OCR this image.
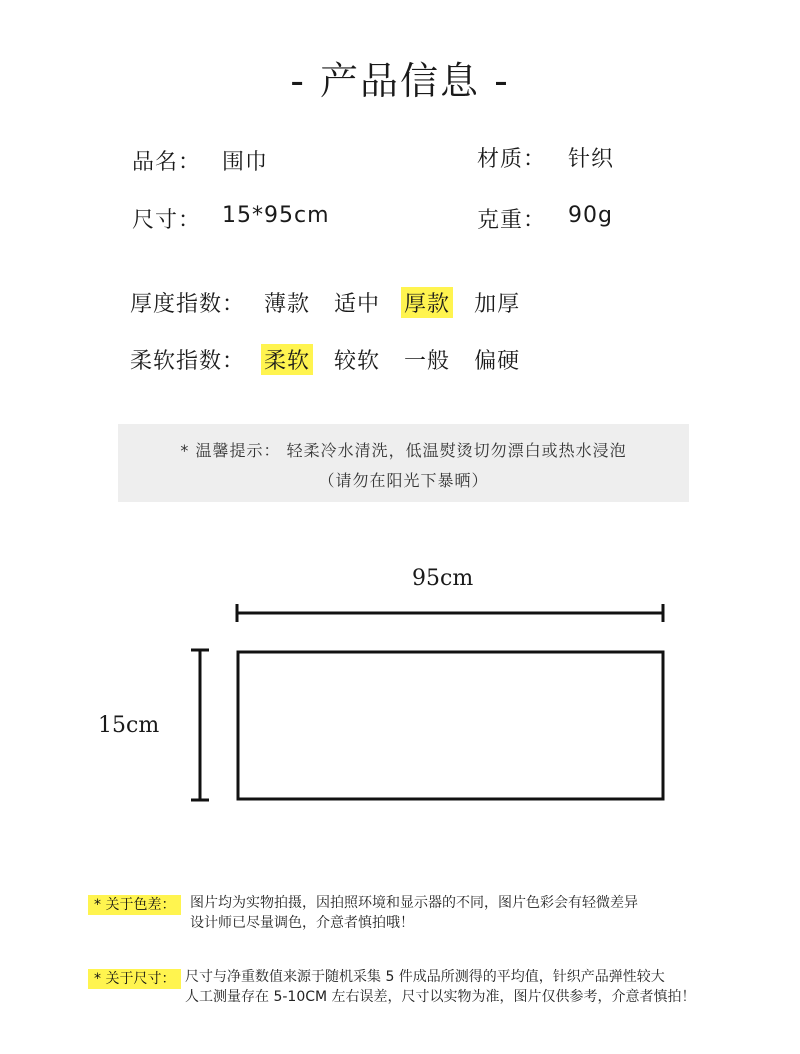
- 产品信息 -
品名： 围巾	材质： 针织
尺寸： 15*95cm	克重： 90g
厚度指数： 薄款 适中 厚款 加厚
柔软指数： 柔软 较软 一般 偏硬
* 温馨提示： 轻柔冷水清洗，低温熨烫切勿漂白或热水浸泡
（请勿在阳光下暴晒）
95cm
15cm
* 关于色差：	图片均为实物拍摄，因拍照环境和显示器的不同，图片色彩会有轻微差异
设计师已尽量调色，介意者慎拍哦！
* 关于尺寸： 尺寸与净重数值来源于随机采集 5 件成品所测得的平均值，针织产品弹性较大
人工测量存在 5-10CM 左右误差，尺寸以实物为准，图片仅供参考，介意者慎拍！
